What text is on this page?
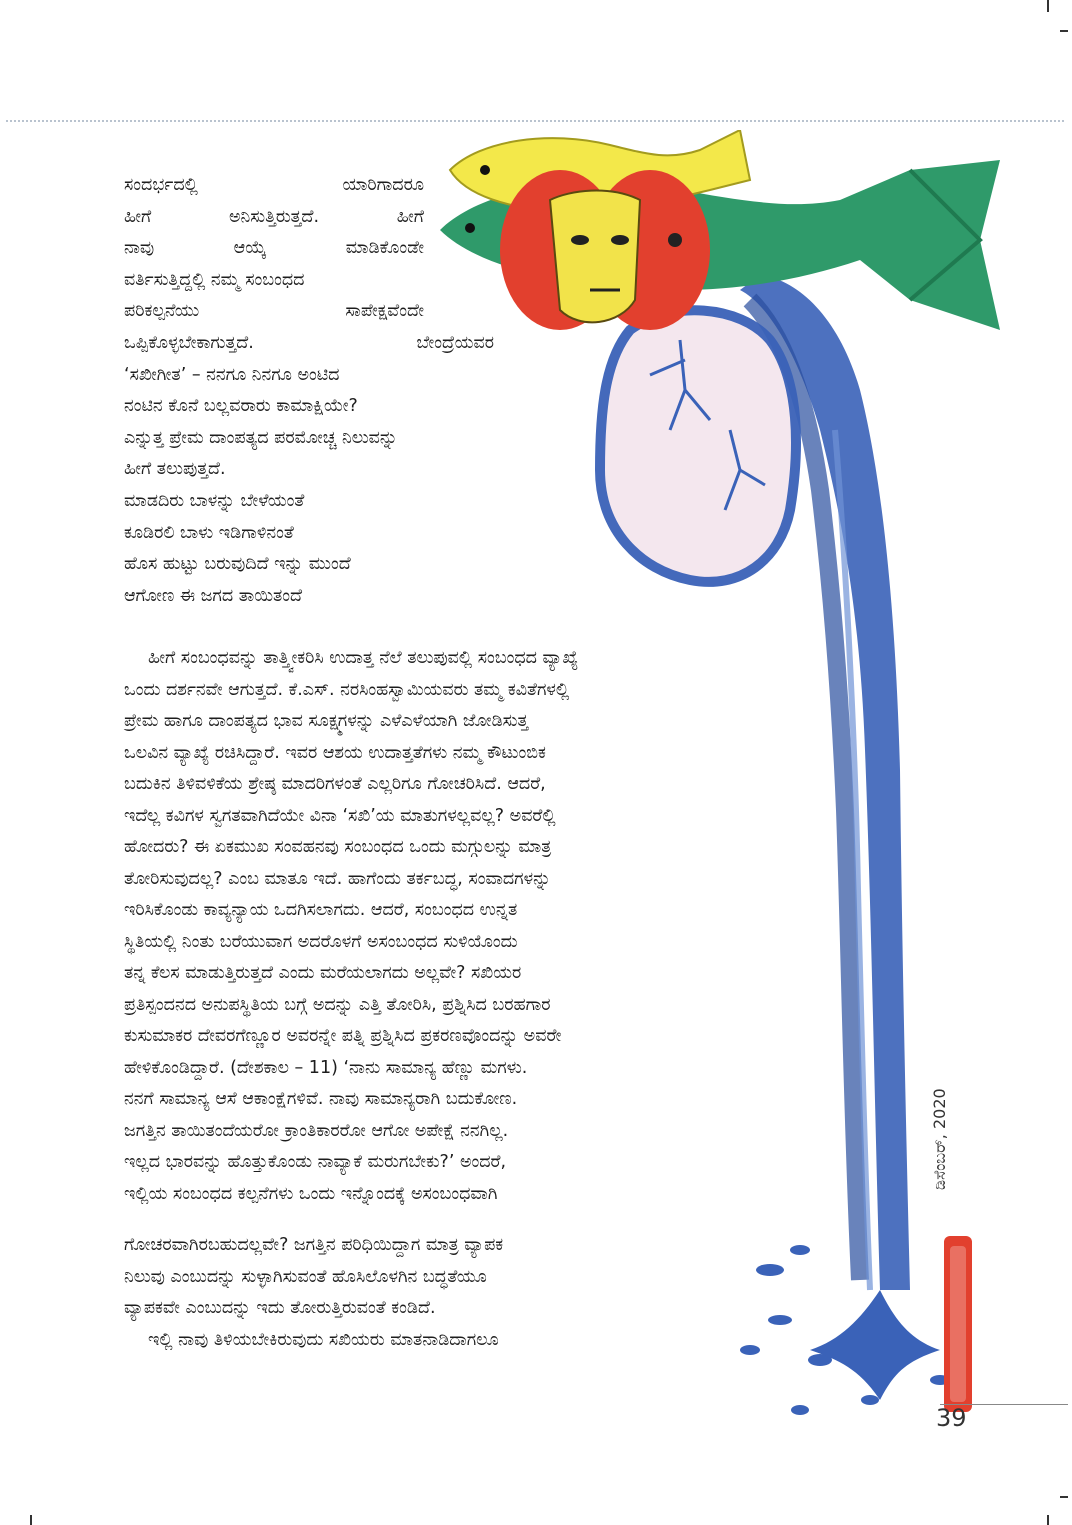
ಸಂದರ್ಭದಲ್ಲಿ	ಯಾರಿಗಾದರೂ
ಹೀಗೆ	ಅನಿಸುತ್ತಿರುತ್ತದೆ.	ಹೀಗೆ
ನಾವು	ಆಯ್ಕೆ	ಮಾಡಿಕೊಂಡೇ
ವರ್ತಿಸುತ್ತಿದ್ದಲ್ಲಿ ನಮ್ಮ ಸಂಬಂಧದ
ಪರಿಕಲ್ಪನೆಯು	ಸಾಪೇಕ್ಷವೆಂದೇ
ಒಪ್ಪಿಕೊಳ್ಳಬೇಕಾಗುತ್ತದೆ.	ಬೇಂದ್ರೆಯವರ
‘ಸಖೀಗೀತ’ – ನನಗೂ ನಿನಗೂ ಅಂಟಿದ
ನಂಟಿನ ಕೊನೆ ಬಲ್ಲವರಾರು ಕಾಮಾಕ್ಷಿಯೇ?
ಎನ್ನುತ್ತ ಪ್ರೇಮ ದಾಂಪತ್ಯದ ಪರಮೋಚ್ಚ ನಿಲುವನ್ನು
ಹೀಗೆ ತಲುಪುತ್ತದೆ.
ಮಾಡದಿರು ಬಾಳನ್ನು ಬೇಳೆಯಂತೆ
ಕೂಡಿರಲಿ ಬಾಳು ಇಡಿಗಾಳಿನಂತೆ
ಹೊಸ ಹುಟ್ಟು ಬರುವುದಿದೆ ಇನ್ನು ಮುಂದೆ
ಆಗೋಣ ಈ ಜಗದ ತಾಯಿತಂದೆ
ಹೀಗೆ ಸಂಬಂಧವನ್ನು ತಾತ್ತ್ವೀಕರಿಸಿ ಉದಾತ್ತ ನೆಲೆ ತಲುಪುವಲ್ಲಿ ಸಂಬಂಧದ ವ್ಯಾಖ್ಯೆ
ಒಂದು ದರ್ಶನವೇ ಆಗುತ್ತದೆ. ಕೆ.ಎಸ್. ನರಸಿಂಹಸ್ವಾಮಿಯವರು ತಮ್ಮ ಕವಿತೆಗಳಲ್ಲಿ
ಪ್ರೇಮ ಹಾಗೂ ದಾಂಪತ್ಯದ ಭಾವ ಸೂಕ್ಷ್ಮಗಳನ್ನು ಎಳೆಎಳೆಯಾಗಿ ಜೋಡಿಸುತ್ತ
ಒಲವಿನ ವ್ಯಾಖ್ಯೆ ರಚಿಸಿದ್ದಾರೆ. ಇವರ ಆಶಯ ಉದಾತ್ತತೆಗಳು ನಮ್ಮ ಕೌಟುಂಬಿಕ
ಬದುಕಿನ ತಿಳಿವಳಿಕೆಯ ಶ್ರೇಷ್ಠ ಮಾದರಿಗಳಂತೆ ಎಲ್ಲರಿಗೂ ಗೋಚರಿಸಿದೆ. ಆದರೆ,
ಇದೆಲ್ಲ ಕವಿಗಳ ಸ್ವಗತವಾಗಿದೆಯೇ ವಿನಾ ‘ಸಖಿ’ಯ ಮಾತುಗಳಲ್ಲವಲ್ಲ? ಅವರೆಲ್ಲಿ
ಹೋದರು? ಈ ಏಕಮುಖ ಸಂವಹನವು ಸಂಬಂಧದ ಒಂದು ಮಗ್ಗುಲನ್ನು ಮಾತ್ರ
ತೋರಿಸುವುದಲ್ಲ? ಎಂಬ ಮಾತೂ ಇದೆ. ಹಾಗೆಂದು ತರ್ಕಬದ್ಧ, ಸಂವಾದಗಳನ್ನು
ಇರಿಸಿಕೊಂಡು ಕಾವ್ಯನ್ಯಾಯ ಒದಗಿಸಲಾಗದು. ಆದರೆ, ಸಂಬಂಧದ ಉನ್ನತ
ಸ್ಥಿತಿಯಲ್ಲಿ ನಿಂತು ಬರೆಯುವಾಗ ಅದರೊಳಗೆ ಅಸಂಬಂಧದ ಸುಳಿಯೊಂದು
ತನ್ನ ಕೆಲಸ ಮಾಡುತ್ತಿರುತ್ತದೆ ಎಂದು ಮರೆಯಲಾಗದು ಅಲ್ಲವೇ? ಸಖಿಯರ
ಪ್ರತಿಸ್ಪಂದನದ ಅನುಪಸ್ಥಿತಿಯ ಬಗ್ಗೆ ಅದನ್ನು ಎತ್ತಿ ತೋರಿಸಿ, ಪ್ರಶ್ನಿಸಿದ ಬರಹಗಾರ
ಕುಸುಮಾಕರ ದೇವರಗೆಣ್ಣೂರ ಅವರನ್ನೇ ಪತ್ನಿ ಪ್ರಶ್ನಿಸಿದ ಪ್ರಕರಣವೊಂದನ್ನು ಅವರೇ
ಹೇಳಿಕೊಂಡಿದ್ದಾರೆ. (ದೇಶಕಾಲ – 11) ‘ನಾನು ಸಾಮಾನ್ಯ ಹೆಣ್ಣು ಮಗಳು.
ನನಗೆ ಸಾಮಾನ್ಯ ಆಸೆ ಆಕಾಂಕ್ಷೆಗಳಿವೆ. ನಾವು ಸಾಮಾನ್ಯರಾಗಿ ಬದುಕೋಣ.
ಜಗತ್ತಿನ ತಾಯಿತಂದೆಯರೋ ಕ್ರಾಂತಿಕಾರರೋ ಆಗೋ ಅಪೇಕ್ಷೆ ನನಗಿಲ್ಲ.
ಇಲ್ಲದ ಭಾರವನ್ನು ಹೊತ್ತುಕೊಂಡು ನಾವ್ಯಾಕೆ ಮರುಗಬೇಕು?’ ಅಂದರೆ,
ಇಲ್ಲಿಯ ಸಂಬಂಧದ ಕಲ್ಪನೆಗಳು ಒಂದು ಇನ್ನೊಂದಕ್ಕೆ ಅಸಂಬಂಧವಾಗಿ
ಗೋಚರವಾಗಿರಬಹುದಲ್ಲವೇ? ಜಗತ್ತಿನ ಪರಿಧಿಯಿದ್ದಾಗ ಮಾತ್ರ ವ್ಯಾಪಕ
ನಿಲುವು ಎಂಬುದನ್ನು ಸುಳ್ಳಾಗಿಸುವಂತೆ ಹೊಸಿಲೊಳಗಿನ ಬದ್ಧತೆಯೂ
ವ್ಯಾಪಕವೇ ಎಂಬುದನ್ನು ಇದು ತೋರುತ್ತಿರುವಂತೆ ಕಂಡಿದೆ.
ಇಲ್ಲಿ ನಾವು ತಿಳಿಯಬೇಕಿರುವುದು ಸಖಿಯರು ಮಾತನಾಡಿದಾಗಲೂ
ಡಿಸೆಂಬರ್, 2020
39
